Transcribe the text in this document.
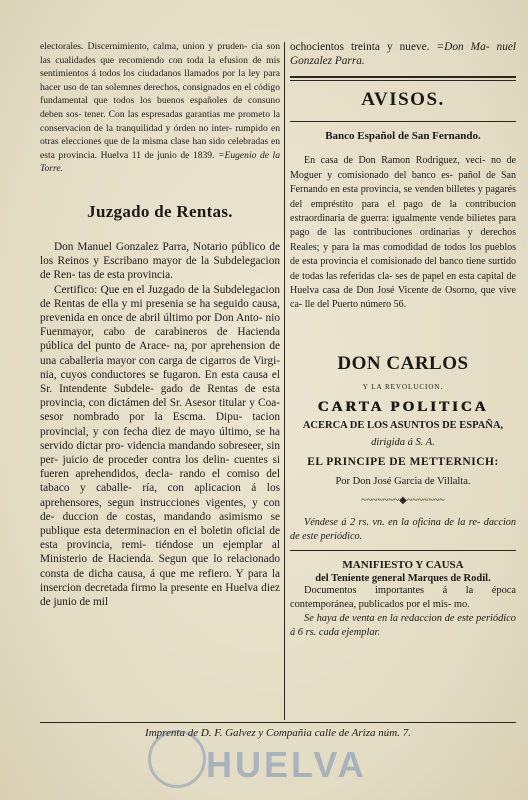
electorales. Discernimiento, calma, union y pruden- cia son las cualidades que recomiendo con toda la efusion de mis sentimientos á todos los ciudadanos llamados por la ley para hacer uso de tan solemnes derechos, consignados en el código fundamental que todos los buenos españoles de consuno deben sos- tener. Con las espresadas garantias me prometo la conservacion de la tranquilidad y órden no inter- rumpido en otras elecciones que de la misma clase han sido celebradas en esta provincia. Huelva 11 de junio de 1839. =Eugenio de la Torre.

Juzgado de Rentas.

Don Manuel Gonzalez Parra, Notario público de los Reinos y Escribano mayor de la Subdelegacion de Ren- tas de esta provincia.

Certifico: Que en el Juzgado de la Subdelegacion de Rentas de ella y mi presenia se ha seguido causa, prevenida en once de abril último por Don Anto- nio Fuenmayor, cabo de carabineros de Hacienda pública del punto de Arace- na, por aprehension de una caballeria mayor con carga de cigarros de Virgi- nia, cuyos conductores se fugaron. En esta causa el Sr. Intendente Subdele- gado de Rentas de esta provincia, con dictámen del Sr. Asesor titular y Coa- sesor nombrado por la Escma. Dipu- tacion provincial, y con fecha diez de mayo último, se ha servido dictar pro- videncia mandando sobreseer, sin per- juicio de proceder contra los delin- cuentes si fueren aprehendidos, decla- rando el comiso del tabaco y caballe- ría, con aplicacion á los aprehensores, segun instrucciones vigentes, y con de- duccion de costas, mandando asimismo se publique esta determinacion en el boletin oficial de esta provincia, remi- tiéndose un ejemplar al Ministerio de Hacienda. Segun que lo relacionado consta de dicha causa, á que me refiero. Y para la insercion decretada firmo la presente en Huelva diez de junio de mil

ochocientos treinta y nueve. =Don Ma- nuel Gonzalez Parra.

AVISOS.
Banco Español de San Fernando.

En casa de Don Ramon Rodriguez, veci- no de Moguer y comisionado del banco es- pañol de San Fernando en esta provincia, se venden billetes y pagarés del empréstito para el pago de la contribucion estraordinaria de guerra: igualmente vende bilietes para pago de las contribuciones ordinarias y derechos Reales; y para la mas comodidad de todos los pueblos de esta provincia el comisionado del banco tiene surtido de todas las referidas cla- ses de papel en esta capital de Huelva casa de Don José Vicente de Osorno, que vive ca- lle del Puerto número 56.

DON CARLOS
Y LA REVOLUCION.
CARTA POLITICA
ACERCA DE LOS ASUNTOS DE ESPAÑA,
dirigida á S. A.
EL PRINCIPE DE METTERNICH:
Por Don José Garcia de Villalta.
~~~~~~~◆~~~~~~~

Véndese á 2 rs. vn. en la oficina de la re- daccion de este periódico.

MANIFIESTO Y CAUSA
del Teniente general Marques de Rodil.

Documentos importantes á la época contemporánea, publicados por el mis- mo.

Se haya de venta en la redaccion de este periódico á 6 rs. cada ejemplar.

Imprenta de D. F. Galvez y Compañia calle de Ariza núm. 7.
HUELVA
